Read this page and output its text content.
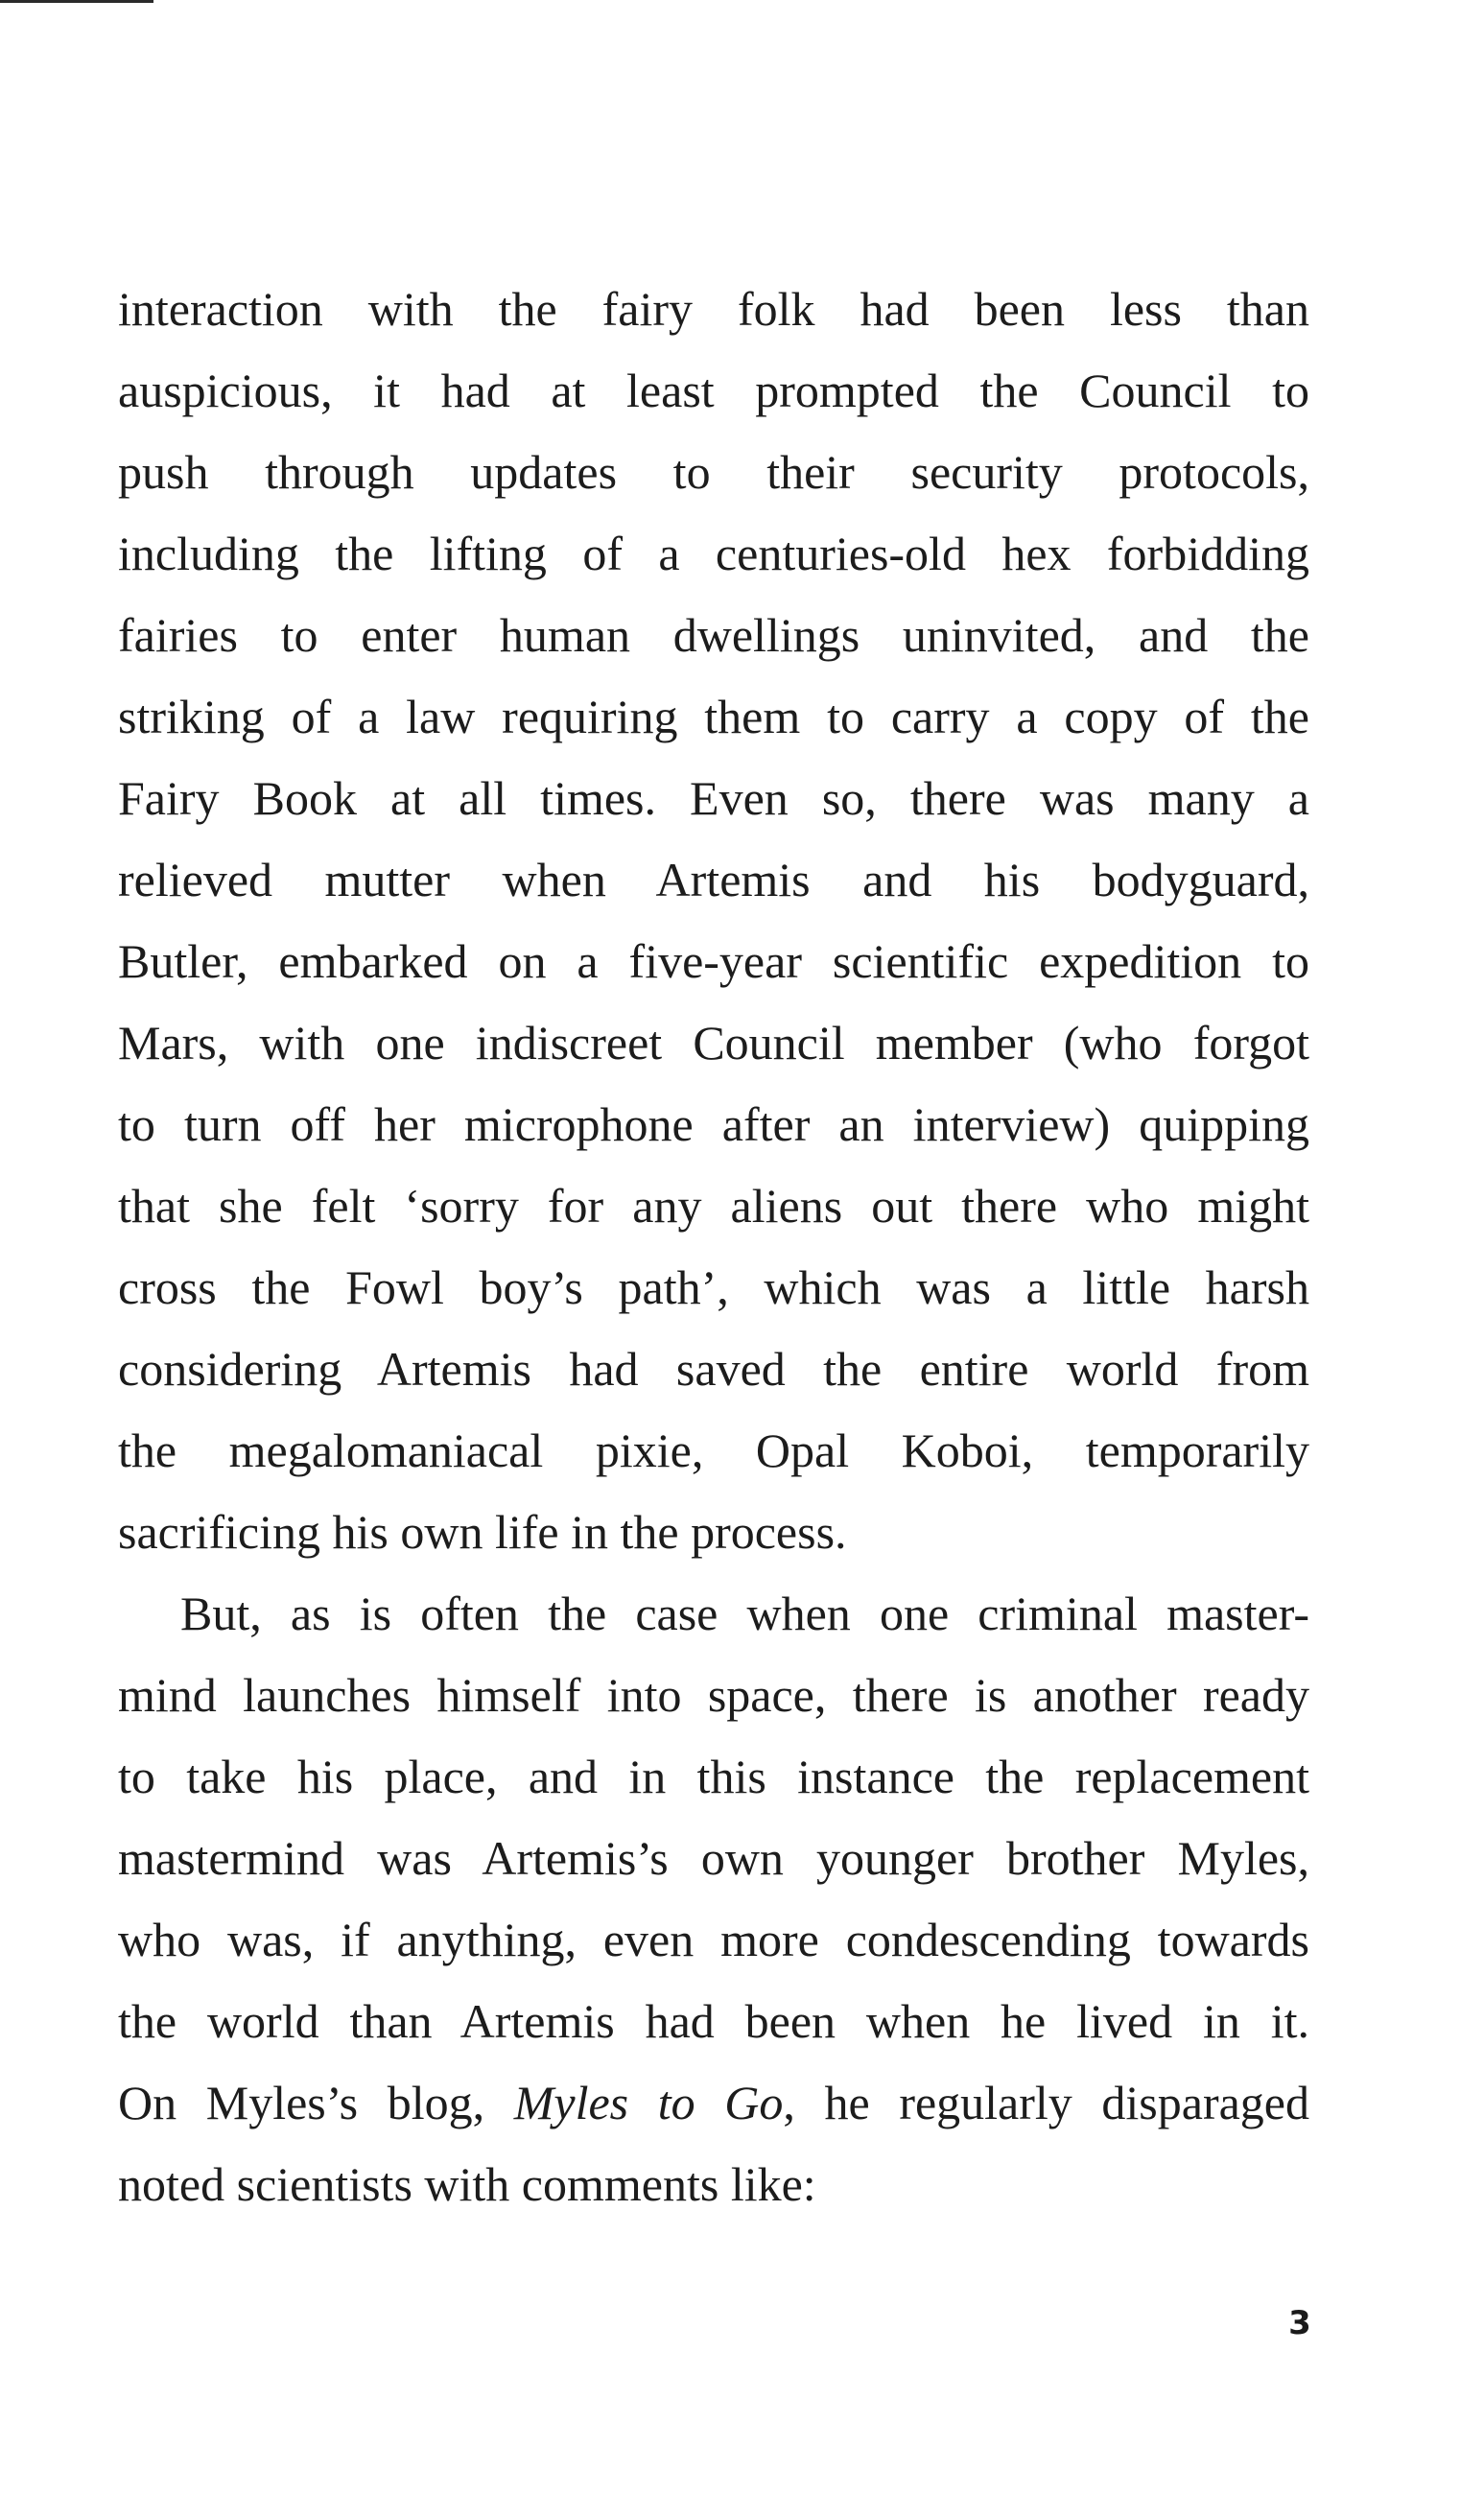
interaction with the fairy folk had been less than
auspicious, it had at least prompted the Council to
push through updates to their security protocols,
including the lifting of a centuries-old hex forbidding
fairies to enter human dwellings uninvited, and the
striking of a law requiring them to carry a copy of the
Fairy Book at all times. Even so, there was many a
relieved mutter when Artemis and his bodyguard,
Butler, embarked on a five-year scientific expedition to
Mars, with one indiscreet Council member (who forgot
to turn off her microphone after an interview) quipping
that she felt ‘sorry for any aliens out there who might
cross the Fowl boy’s path’, which was a little harsh
considering Artemis had saved the entire world from
the megalomaniacal pixie, Opal Koboi, temporarily
sacrificing his own life in the process.
But, as is often the case when one criminal master-
mind launches himself into space, there is another ready
to take his place, and in this instance the replacement
mastermind was Artemis’s own younger brother Myles,
who was, if anything, even more condescending towards
the world than Artemis had been when he lived in it.
On Myles’s blog, Myles to Go, he regularly disparaged
noted scientists with comments like:
3
